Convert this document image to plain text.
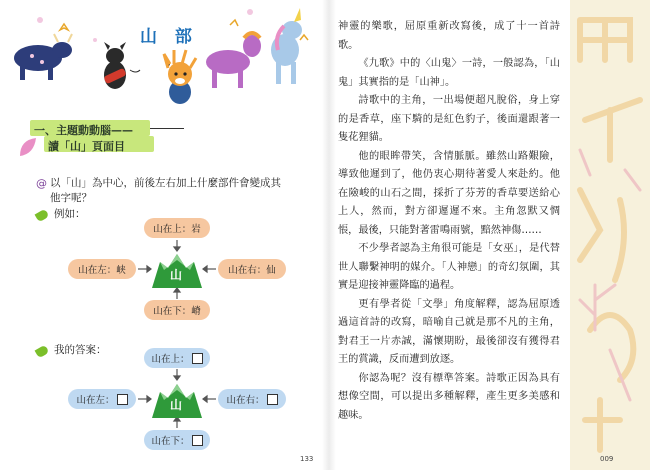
山 部
一、主題動動腦——
讀「山」頁面目
@ 以「山」為中心，前後左右加上什麼部件會變成其他字呢？
例如：
山在上：岩
山在左：峡	山在右：仙
山在下：嵴
山
我的答案：
山在上：
山在左：	山在右：
山在下：
山
133

神靈的樂歌，屈原重新改寫後，成了十一首詩歌。

《九歌》中的〈山鬼〉一詩，一般認為，「山鬼」其實指的是「山神」。

詩歌中的主角，一出場便超凡脫俗，身上穿的是香草，座下騎的是紅色豹子，後面還跟著一隻花狸貓。

他的眼眸帶笑，含情脈脈。雖然山路艱險，導致他遲到了，他仍衷心期待著愛人來赴約。他在險峻的山石之間，採折了芬芳的香草要送給心上人，然而，對方卻遲遲不來。主角忽默又惆悵，最後，只能對著雷鳴雨號，黯然神傷……

不少學者認為主角很可能是「女巫」，是代替世人聯繫神明的媒介。「人神戀」的奇幻氛圍，其實是迎接神靈降臨的過程。

更有學者從「文學」角度解釋，認為屈原透過這首詩的改寫，暗喻自己就是那不凡的主角，對君王一片赤誠，滿懷期盼，最後卻沒有獲得君王的賞識，反而遭到放逐。

你認為呢？沒有標準答案。詩歌正因為具有想像空間，可以提出多種解釋，產生更多美感和趣味。

009
